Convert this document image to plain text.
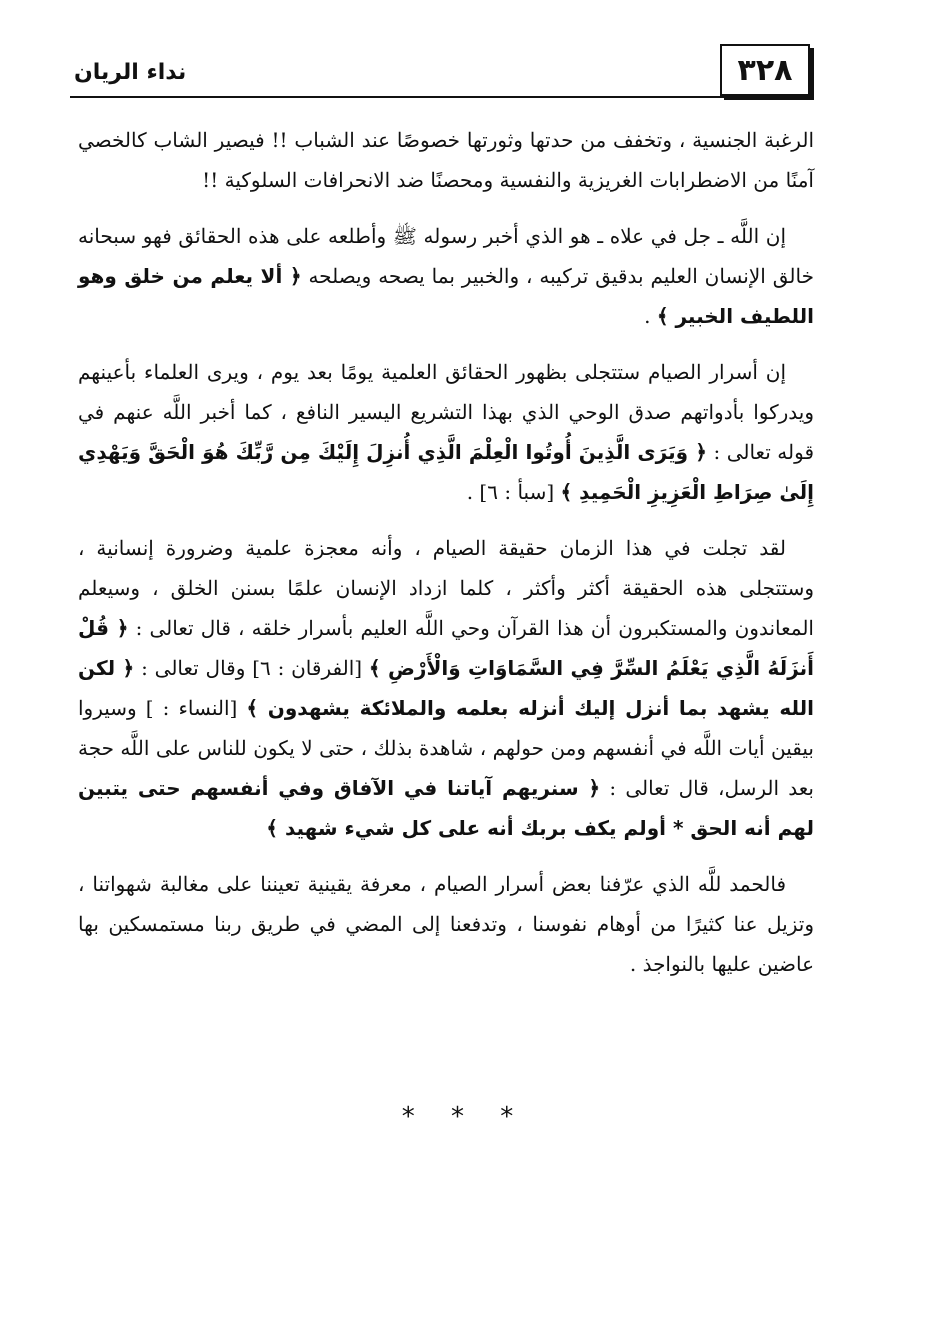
٣٢٨
نداء الريان

الرغبة الجنسية ، وتخفف من حدتها وثورتها خصوصًا عند الشباب !! فيصير الشاب كالخصي آمنًا من الاضطرابات الغريزية والنفسية ومحصنًا ضد الانحرافات السلوكية !!

إن اللَّه ـ جل في علاه ـ هو الذي أخبر رسوله ﷺ وأطلعه على هذه الحقائق فهو سبحانه خالق الإنسان العليم بدقيق تركيبه ، والخبير بما يصحه ويصلحه ﴿ ألا يعلم من خلق وهو اللطيف الخبير ﴾ .

إن أسرار الصيام ستتجلى بظهور الحقائق العلمية يومًا بعد يوم ، ويرى العلماء بأعينهم ويدركوا بأدواتهم صدق الوحي الذي بهذا التشريع اليسير النافع ، كما أخبر اللَّه عنهم في قوله تعالى : ﴿ وَيَرَى الَّذِينَ أُوتُوا الْعِلْمَ الَّذِي أُنزِلَ إِلَيْكَ مِن رَّبِّكَ هُوَ الْحَقَّ وَيَهْدِي إِلَىٰ صِرَاطِ الْعَزِيزِ الْحَمِيدِ ﴾ [سبأ : ٦] .

لقد تجلت في هذا الزمان حقيقة الصيام ، وأنه معجزة علمية وضرورة إنسانية ، وستتجلى هذه الحقيقة أكثر وأكثر ، كلما ازداد الإنسان علمًا بسنن الخلق ، وسيعلم المعاندون والمستكبرون أن هذا القرآن وحي اللَّه العليم بأسرار خلقه ، قال تعالى : ﴿ قُلْ أَنزَلَهُ الَّذِي يَعْلَمُ السِّرَّ فِي السَّمَاوَاتِ وَالْأَرْضِ ﴾ [الفرقان : ٦] وقال تعالى : ﴿ لكن الله يشهد بما أنزل إليك أنزله بعلمه والملائكة يشهدون ﴾ [النساء : ] وسيروا بيقين أيات اللَّه في أنفسهم ومن حولهم ، شاهدة بذلك ، حتى لا يكون للناس على اللَّه حجة بعد الرسل، قال تعالى : ﴿ سنريهم آياتنا في الآفاق وفي أنفسهم حتى يتبين لهم أنه الحق * أولم يكف بربك أنه على كل شيء شهيد ﴾

فالحمد للَّه الذي عرّفنا بعض أسرار الصيام ، معرفة يقينية تعيننا على مغالبة شهواتنا ، وتزيل عنا كثيرًا من أوهام نفوسنا ، وتدفعنا إلى المضي في طريق ربنا مستمسكين بها عاضين عليها بالنواجذ .

* * *
